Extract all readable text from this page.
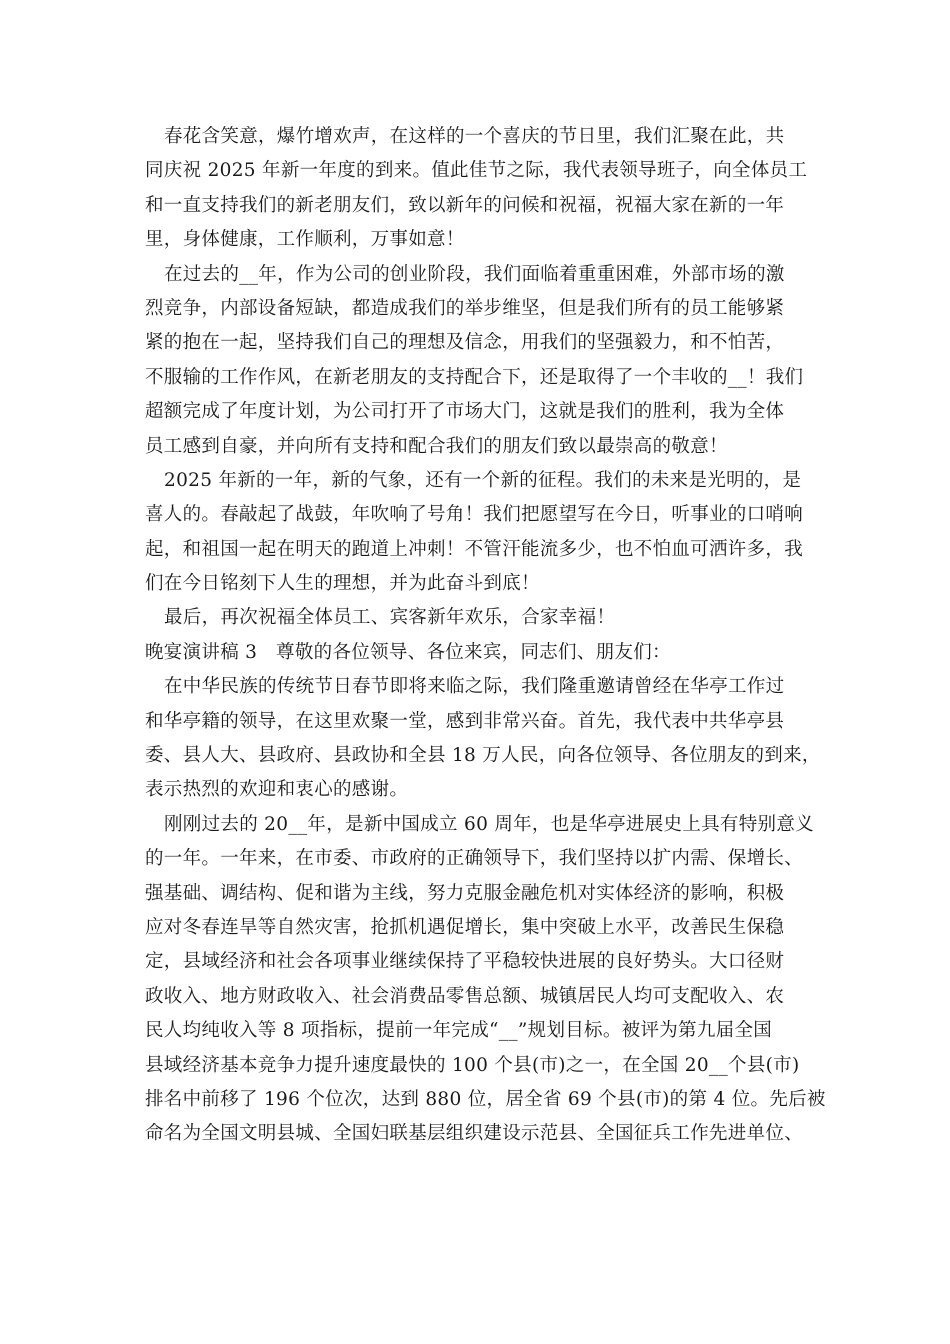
春花含笑意，爆竹增欢声，在这样的一个喜庆的节日里，我们汇聚在此，共
同庆祝 2025 年新一年度的到来。值此佳节之际，我代表领导班子，向全体员工
和一直支持我们的新老朋友们，致以新年的问候和祝福，祝福大家在新的一年
里，身体健康，工作顺利，万事如意！
在过去的__年，作为公司的创业阶段，我们面临着重重困难，外部市场的激
烈竞争，内部设备短缺，都造成我们的举步维坚，但是我们所有的员工能够紧
紧的抱在一起，坚持我们自己的理想及信念，用我们的坚强毅力，和不怕苦，
不服输的工作作风，在新老朋友的支持配合下，还是取得了一个丰收的__！我们
超额完成了年度计划，为公司打开了市场大门，这就是我们的胜利，我为全体
员工感到自豪，并向所有支持和配合我们的朋友们致以最崇高的敬意！
2025 年新的一年，新的气象，还有一个新的征程。我们的未来是光明的，是
喜人的。春敲起了战鼓，年吹响了号角！我们把愿望写在今日，听事业的口哨响
起，和祖国一起在明天的跑道上冲刺！不管汗能流多少，也不怕血可洒许多，我
们在今日铭刻下人生的理想，并为此奋斗到底！
最后，再次祝福全体员工、宾客新年欢乐，合家幸福！
晚宴演讲稿 3　尊敬的各位领导、各位来宾，同志们、朋友们：
在中华民族的传统节日春节即将来临之际，我们隆重邀请曾经在华亭工作过
和华亭籍的领导，在这里欢聚一堂，感到非常兴奋。首先，我代表中共华亭县
委、县人大、县政府、县政协和全县 18 万人民，向各位领导、各位朋友的到来，
表示热烈的欢迎和衷心的感谢。
刚刚过去的 20__年，是新中国成立 60 周年，也是华亭进展史上具有特别意义
的一年。一年来，在市委、市政府的正确领导下，我们坚持以扩内需、保增长、
强基础、调结构、促和谐为主线，努力克服金融危机对实体经济的影响，积极
应对冬春连旱等自然灾害，抢抓机遇促增长，集中突破上水平，改善民生保稳
定，县域经济和社会各项事业继续保持了平稳较快进展的良好势头。大口径财
政收入、地方财政收入、社会消费品零售总额、城镇居民人均可支配收入、农
民人均纯收入等 8 项指标，提前一年完成“__”规划目标。被评为第九届全国
县域经济基本竞争力提升速度最快的 100 个县(市)之一，在全国 20__个县(市)
排名中前移了 196 个位次，达到 880 位，居全省 69 个县(市)的第 4 位。先后被
命名为全国文明县城、全国妇联基层组织建设示范县、全国征兵工作先进单位、
